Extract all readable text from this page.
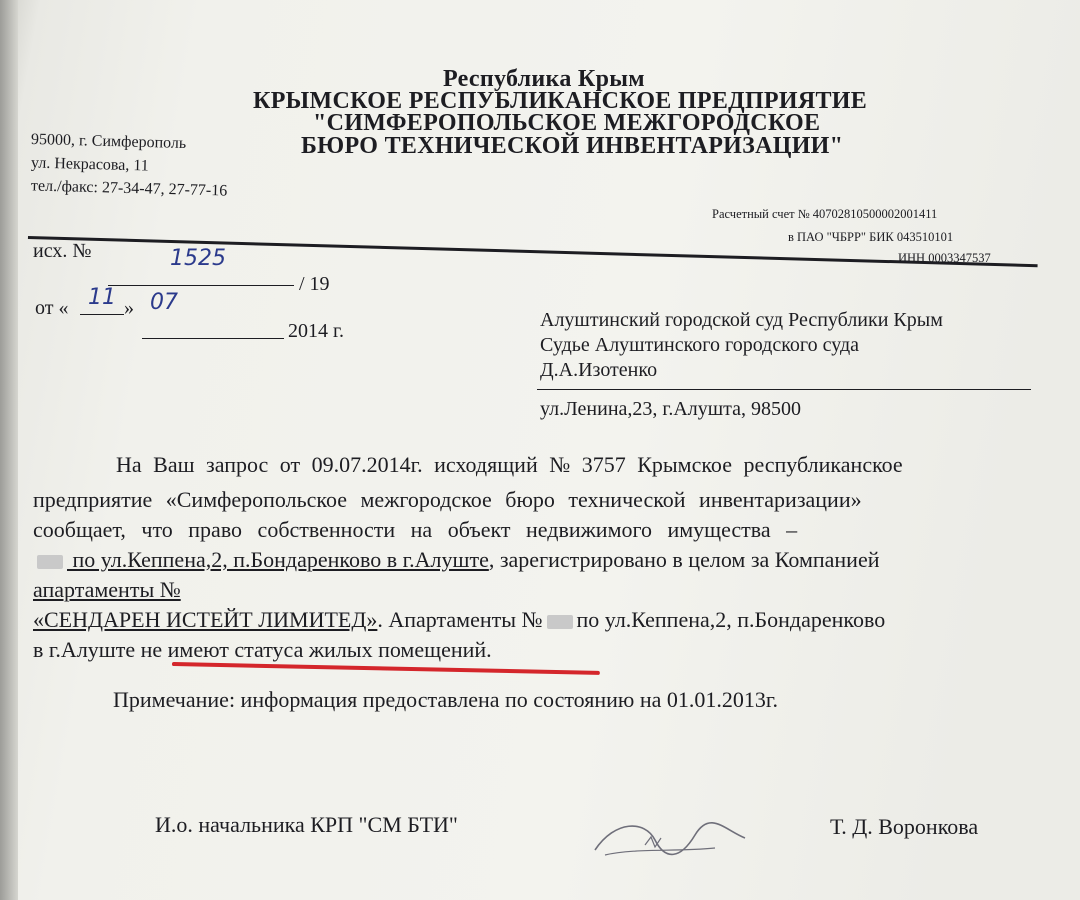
Республика Крым
КРЫМСКОЕ РЕСПУБЛИКАНСКОЕ ПРЕДПРИЯТИЕ
"СИМФЕРОПОЛЬСКОЕ МЕЖГОРОДСКОЕ
БЮРО ТЕХНИЧЕСКОЙ ИНВЕНТАРИЗАЦИИ"
95000, г. Симферополь
ул. Некрасова, 11
тел./факс: 27-34-47, 27-77-16
Расчетный счет № 40702810500002001411
в ПАО "ЧБРР" БИК 043510101
ИНН 0003347537
исх. №	1525
/ 19
от « 11 » 07
2014 г.	Алуштинский городской суд Республики Крым
Судье Алуштинского городского суда
Д.А.Изотенко
ул.Ленина,23, г.Алушта, 98500
На Ваш запрос от 09.07.2014г. исходящий № 3757 Крымское республиканское
предприятие «Симферопольское межгородское бюро технической инвентаризации»
сообщает, что право собственности на объект недвижимого имущества –
по ул.Кеппена,2, п.Бондаренково в г.Алуште, зарегистрировано в целом за Компанией
апартаменты №
«СЕНДАРЕН ИСТЕЙТ ЛИМИТЕД». Апартаменты № по ул.Кеппена,2, п.Бондаренково
в г.Алуште не имеют статуса жилых помещений.
Примечание: информация предоставлена по состоянию на 01.01.2013г.
И.о. начальника КРП "СМ БТИ"	Т. Д. Воронкова
